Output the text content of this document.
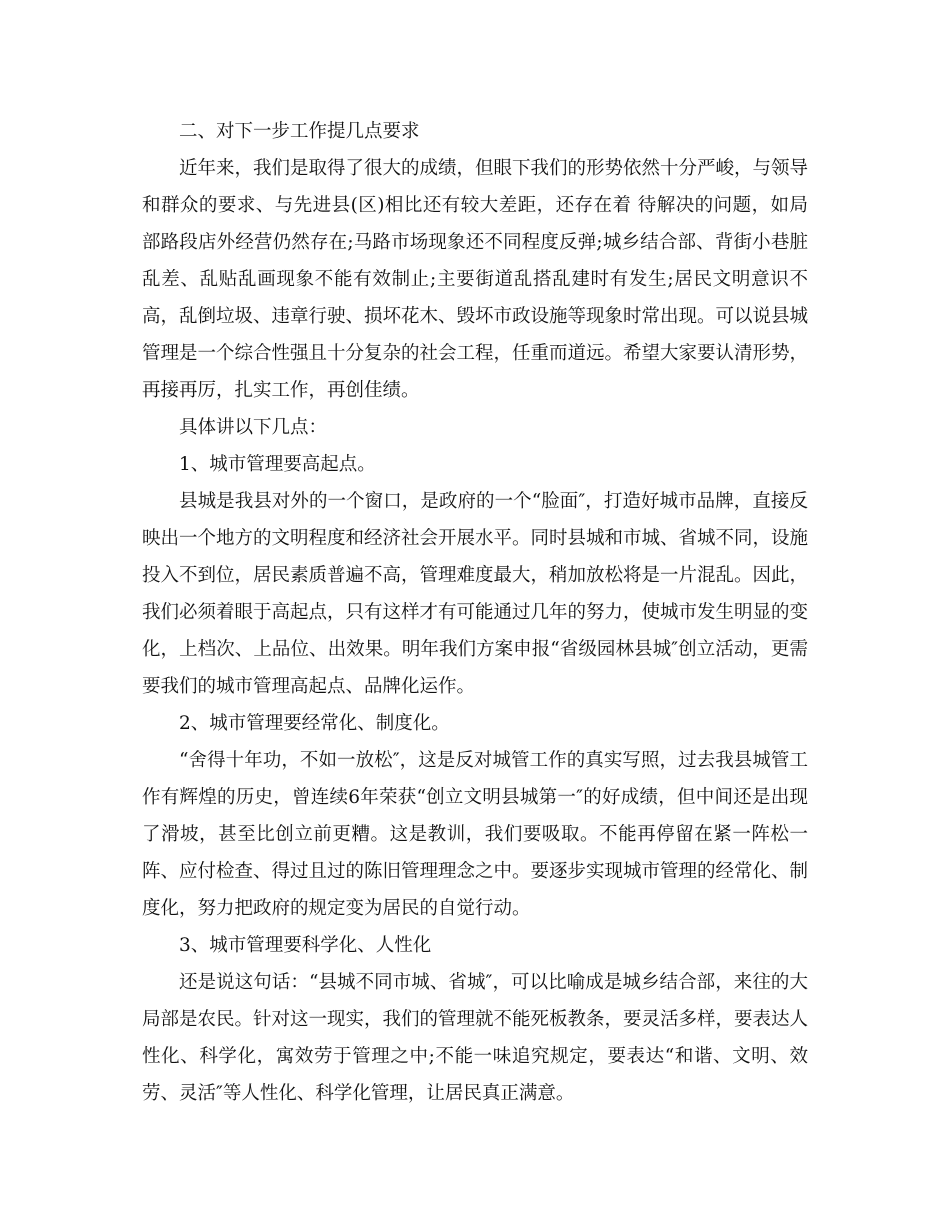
二、对下一步工作提几点要求

近年来，我们是取得了很大的成绩，但眼下我们的形势依然十分严峻，与领导和群众的要求、与先进县(区)相比还有较大差距，还存在着 待解决的问题，如局部路段店外经营仍然存在;马路市场现象还不同程度反弹;城乡结合部、背街小巷脏乱差、乱贴乱画现象不能有效制止;主要街道乱搭乱建时有发生;居民文明意识不高，乱倒垃圾、违章行驶、损坏花木、毁坏市政设施等现象时常出现。可以说县城管理是一个综合性强且十分复杂的社会工程，任重而道远。希望大家要认清形势，再接再厉，扎实工作，再创佳绩。

具体讲以下几点：

1、城市管理要高起点。

县城是我县对外的一个窗口，是政府的一个“脸面″，打造好城市品牌，直接反映出一个地方的文明程度和经济社会开展水平。同时县城和市城、省城不同，设施投入不到位，居民素质普遍不高，管理难度最大，稍加放松将是一片混乱。因此，我们必须着眼于高起点，只有这样才有可能通过几年的努力，使城市发生明显的变化，上档次、上品位、出效果。明年我们方案申报“省级园林县城″创立活动，更需要我们的城市管理高起点、品牌化运作。

2、城市管理要经常化、制度化。

“舍得十年功，不如一放松″，这是反对城管工作的真实写照，过去我县城管工作有辉煌的历史，曾连续6年荣获“创立文明县城第一″的好成绩，但中间还是出现了滑坡，甚至比创立前更糟。这是教训，我们要吸取。不能再停留在紧一阵松一阵、应付检查、得过且过的陈旧管理理念之中。要逐步实现城市管理的经常化、制度化，努力把政府的规定变为居民的自觉行动。

3、城市管理要科学化、人性化

还是说这句话：“县城不同市城、省城″，可以比喻成是城乡结合部，来往的大局部是农民。针对这一现实，我们的管理就不能死板教条，要灵活多样，要表达人性化、科学化，寓效劳于管理之中;不能一味追究规定，要表达“和谐、文明、效劳、灵活″等人性化、科学化管理，让居民真正满意。
